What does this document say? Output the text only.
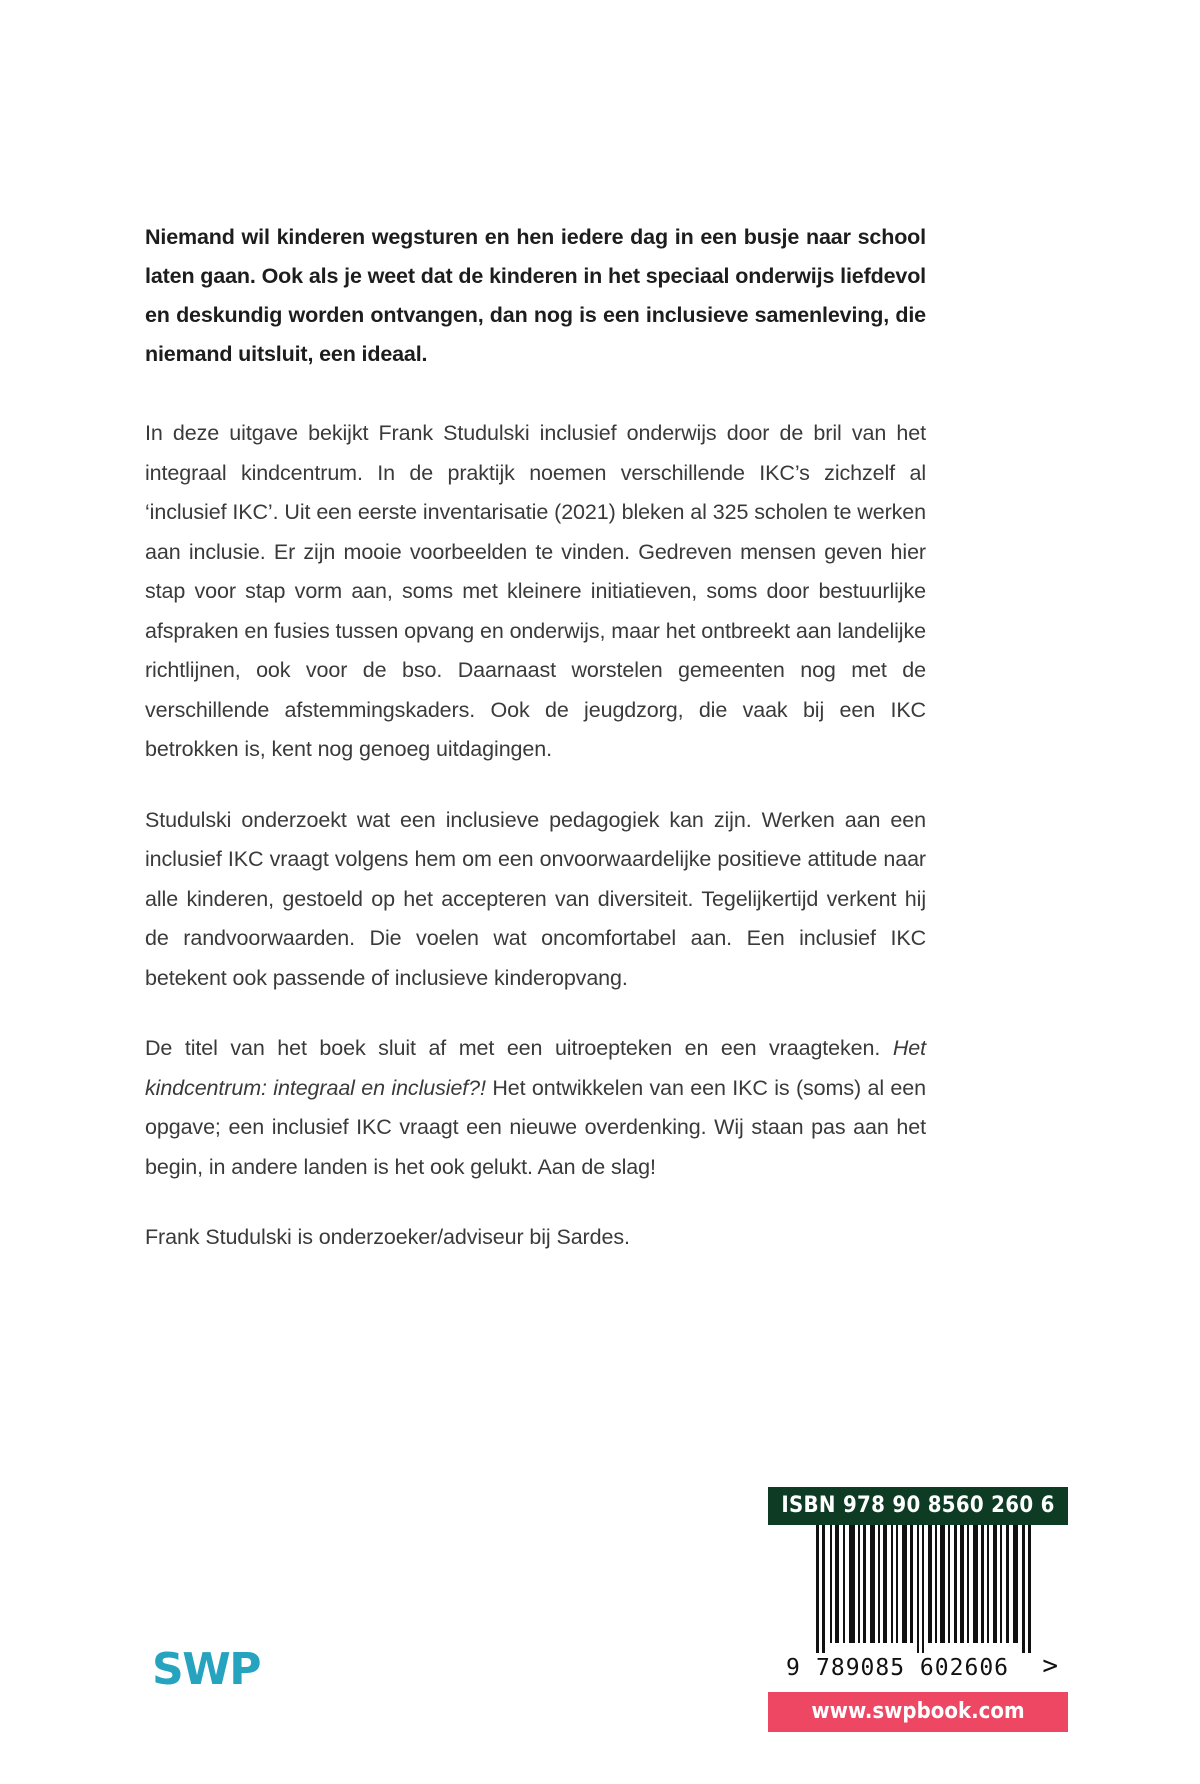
Niemand wil kinderen wegsturen en hen iedere dag in een busje naar school laten gaan. Ook als je weet dat de kinderen in het speciaal onderwijs liefdevol en deskundig worden ontvangen, dan nog is een inclusieve samenleving, die niemand uitsluit, een ideaal.

In deze uitgave bekijkt Frank Studulski inclusief onderwijs door de bril van het integraal kindcentrum. In de praktijk noemen verschillende IKC’s zichzelf al ‘inclusief IKC’. Uit een eerste inventarisatie (2021) bleken al 325 scholen te werken aan inclusie. Er zijn mooie voorbeelden te vinden. Gedreven mensen geven hier stap voor stap vorm aan, soms met kleinere initiatieven, soms door bestuurlijke afspraken en fusies tussen opvang en onderwijs, maar het ontbreekt aan landelijke richtlijnen, ook voor de bso. Daarnaast worstelen gemeenten nog met de verschillende afstemmingskaders. Ook de jeugdzorg, die vaak bij een IKC betrokken is, kent nog genoeg uitdagingen.

Studulski onderzoekt wat een inclusieve pedagogiek kan zijn. Werken aan een inclusief IKC vraagt volgens hem om een onvoorwaardelijke positieve attitude naar alle kinderen, gestoeld op het accepteren van diversiteit. Tegelijkertijd verkent hij de randvoorwaarden. Die voelen wat oncomfortabel aan. Een inclusief IKC betekent ook passende of inclusieve kinderopvang.

De titel van het boek sluit af met een uitroepteken en een vraagteken. Het kindcentrum: integraal en inclusief?! Het ontwikkelen van een IKC is (soms) al een opgave; een inclusief IKC vraagt een nieuwe overdenking. Wij staan pas aan het begin, in andere landen is het ook gelukt. Aan de slag!

Frank Studulski is onderzoeker/adviseur bij Sardes.

SWP
ISBN 978 90 8560 260 6
9 789085 602606 >
www.swpbook.com
